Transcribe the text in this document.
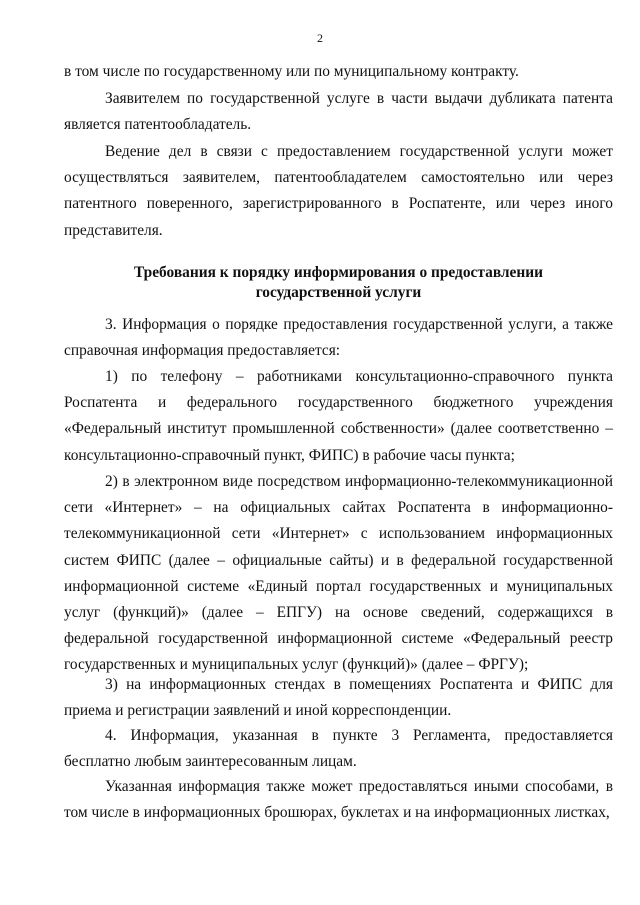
2

в том числе по государственному или по муниципальному контракту.

Заявителем по государственной услуге в части выдачи дубликата патента является патентообладатель.

Ведение дел в связи с предоставлением государственной услуги может осуществляться заявителем, патентообладателем самостоятельно или через патентного поверенного, зарегистрированного в Роспатенте, или через иного представителя.

Требования к порядку информирования о предоставлении
государственной услуги

3. Информация о порядке предоставления государственной услуги, а также справочная информация предоставляется:

1) по телефону – работниками консультационно-справочного пункта Роспатента и федерального государственного бюджетного учреждения «Федеральный институт промышленной собственности» (далее соответственно – консультационно-справочный пункт, ФИПС) в рабочие часы пункта;

2) в электронном виде посредством информационно-телекоммуникационной сети «Интернет» – на официальных сайтах Роспатента в информационно-телекоммуникационной сети «Интернет» с использованием информационных систем ФИПС (далее – официальные сайты) и в федеральной государственной информационной системе «Единый портал государственных и муниципальных услуг (функций)» (далее – ЕПГУ) на основе сведений, содержащихся в федеральной государственной информационной системе «Федеральный реестр государственных и муниципальных услуг (функций)» (далее – ФРГУ);

3) на информационных стендах в помещениях Роспатента и ФИПС для приема и регистрации заявлений и иной корреспонденции.

4. Информация, указанная в пункте 3 Регламента, предоставляется бесплатно любым заинтересованным лицам.

Указанная информация также может предоставляться иными способами, в том числе в информационных брошюрах, буклетах и на информационных листках,
